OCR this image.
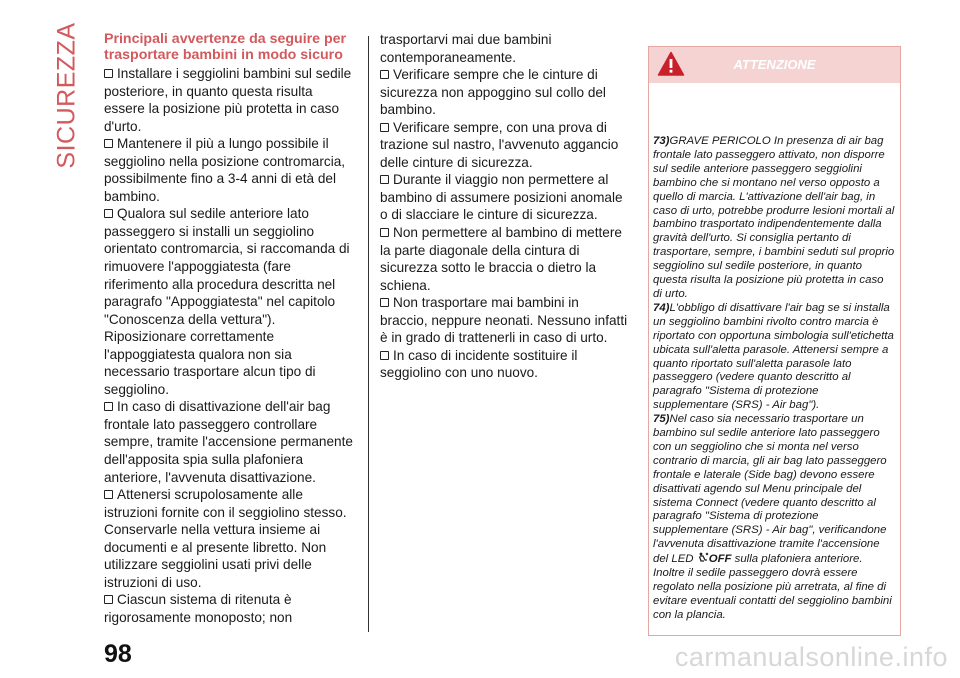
SICUREZZA Principali avvertenze da seguire per trasportare bambini in modo sicuro

Installare i seggiolini bambini sul sedile posteriore, in quanto questa risulta essere la posizione più protetta in caso d'urto.

Mantenere il più a lungo possibile il seggiolino nella posizione contromarcia, possibilmente fino a 3-4 anni di età del bambino.

Qualora sul sedile anteriore lato passeggero si installi un seggiolino orientato contromarcia, si raccomanda di rimuovere l'appoggiatesta (fare riferimento alla procedura descritta nel paragrafo "Appoggiatesta" nel capitolo "Conoscenza della vettura"). Riposizionare correttamente l'appoggiatesta qualora non sia necessario trasportare alcun tipo di seggiolino.

In caso di disattivazione dell'air bag frontale lato passeggero controllare sempre, tramite l'accensione permanente dell'apposita spia sulla plafoniera anteriore, l'avvenuta disattivazione.

Attenersi scrupolosamente alle istruzioni fornite con il seggiolino stesso. Conservarle nella vettura insieme ai documenti e al presente libretto. Non utilizzare seggiolini usati privi delle istruzioni di uso.

Ciascun sistema di ritenuta è rigorosamente monoposto; non

trasportarvi mai due bambini contemporaneamente.

Verificare sempre che le cinture di sicurezza non appoggino sul collo del bambino.

Verificare sempre, con una prova di trazione sul nastro, l'avvenuto aggancio delle cinture di sicurezza.

Durante il viaggio non permettere al bambino di assumere posizioni anomale o di slacciare le cinture di sicurezza.

Non permettere al bambino di mettere la parte diagonale della cintura di sicurezza sotto le braccia o dietro la schiena.

Non trasportare mai bambini in braccio, neppure neonati. Nessuno infatti è in grado di trattenerli in caso di urto.

In caso di incidente sostituire il seggiolino con uno nuovo.

ATTENZIONE

73)GRAVE PERICOLO In presenza di air bag frontale lato passeggero attivato, non disporre sul sedile anteriore passeggero seggiolini bambino che si montano nel verso opposto a quello di marcia. L'attivazione dell'air bag, in caso di urto, potrebbe produrre lesioni mortali al bambino trasportato indipendentemente dalla gravità dell'urto. Si consiglia pertanto di trasportare, sempre, i bambini seduti sul proprio seggiolino sul sedile posteriore, in quanto questa risulta la posizione più protetta in caso di urto.

74)L'obbligo di disattivare l'air bag se si installa un seggiolino bambini rivolto contro marcia è riportato con opportuna simbologia sull'etichetta ubicata sull'aletta parasole. Attenersi sempre a quanto riportato sull'aletta parasole lato passeggero (vedere quanto descritto al paragrafo "Sistema di protezione supplementare (SRS) - Air bag").

75)Nel caso sia necessario trasportare un bambino sul sedile anteriore lato passeggero con un seggiolino che si monta nel verso contrario di marcia, gli air bag lato passeggero frontale e laterale (Side bag) devono essere disattivati agendo sul Menu principale del sistema Connect (vedere quanto descritto al paragrafo "Sistema di protezione supplementare (SRS) - Air bag", verificandone l'avvenuta disattivazione tramite l'accensione del LED OFF sulla plafoniera anteriore. Inoltre il sedile passeggero dovrà essere regolato nella posizione più arretrata, al fine di evitare eventuali contatti del seggiolino bambini con la plancia.

98	carmanualsonline.info
